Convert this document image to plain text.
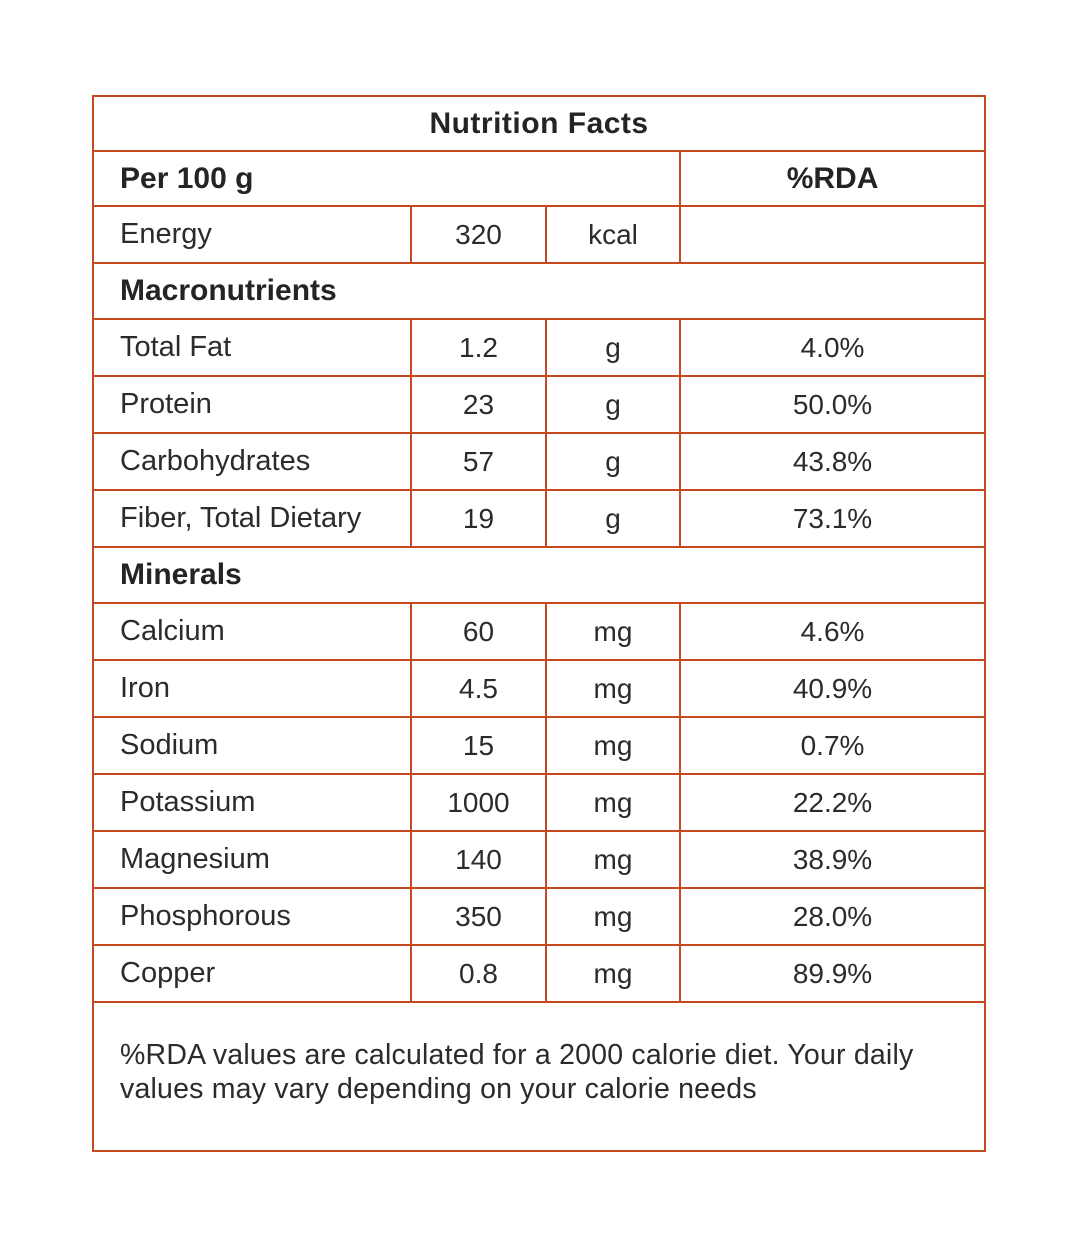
Nutrition Facts			
Per 100 g			%RDA
Energy	320	kcal	
Macronutrients			
Total Fat	1.2	g	4.0%
Protein	23	g	50.0%
Carbohydrates	57	g	43.8%
Fiber, Total Dietary	19	g	73.1%
Minerals			
Calcium	60	mg	4.6%
Iron	4.5	mg	40.9%
Sodium	15	mg	0.7%
Potassium	1000	mg	22.2%
Magnesium	140	mg	38.9%
Phosphorous	350	mg	28.0%
Copper	0.8	mg	89.9%
%RDA values are calculated for a 2000 calorie diet. Your daily values may vary depending on your calorie needs			
